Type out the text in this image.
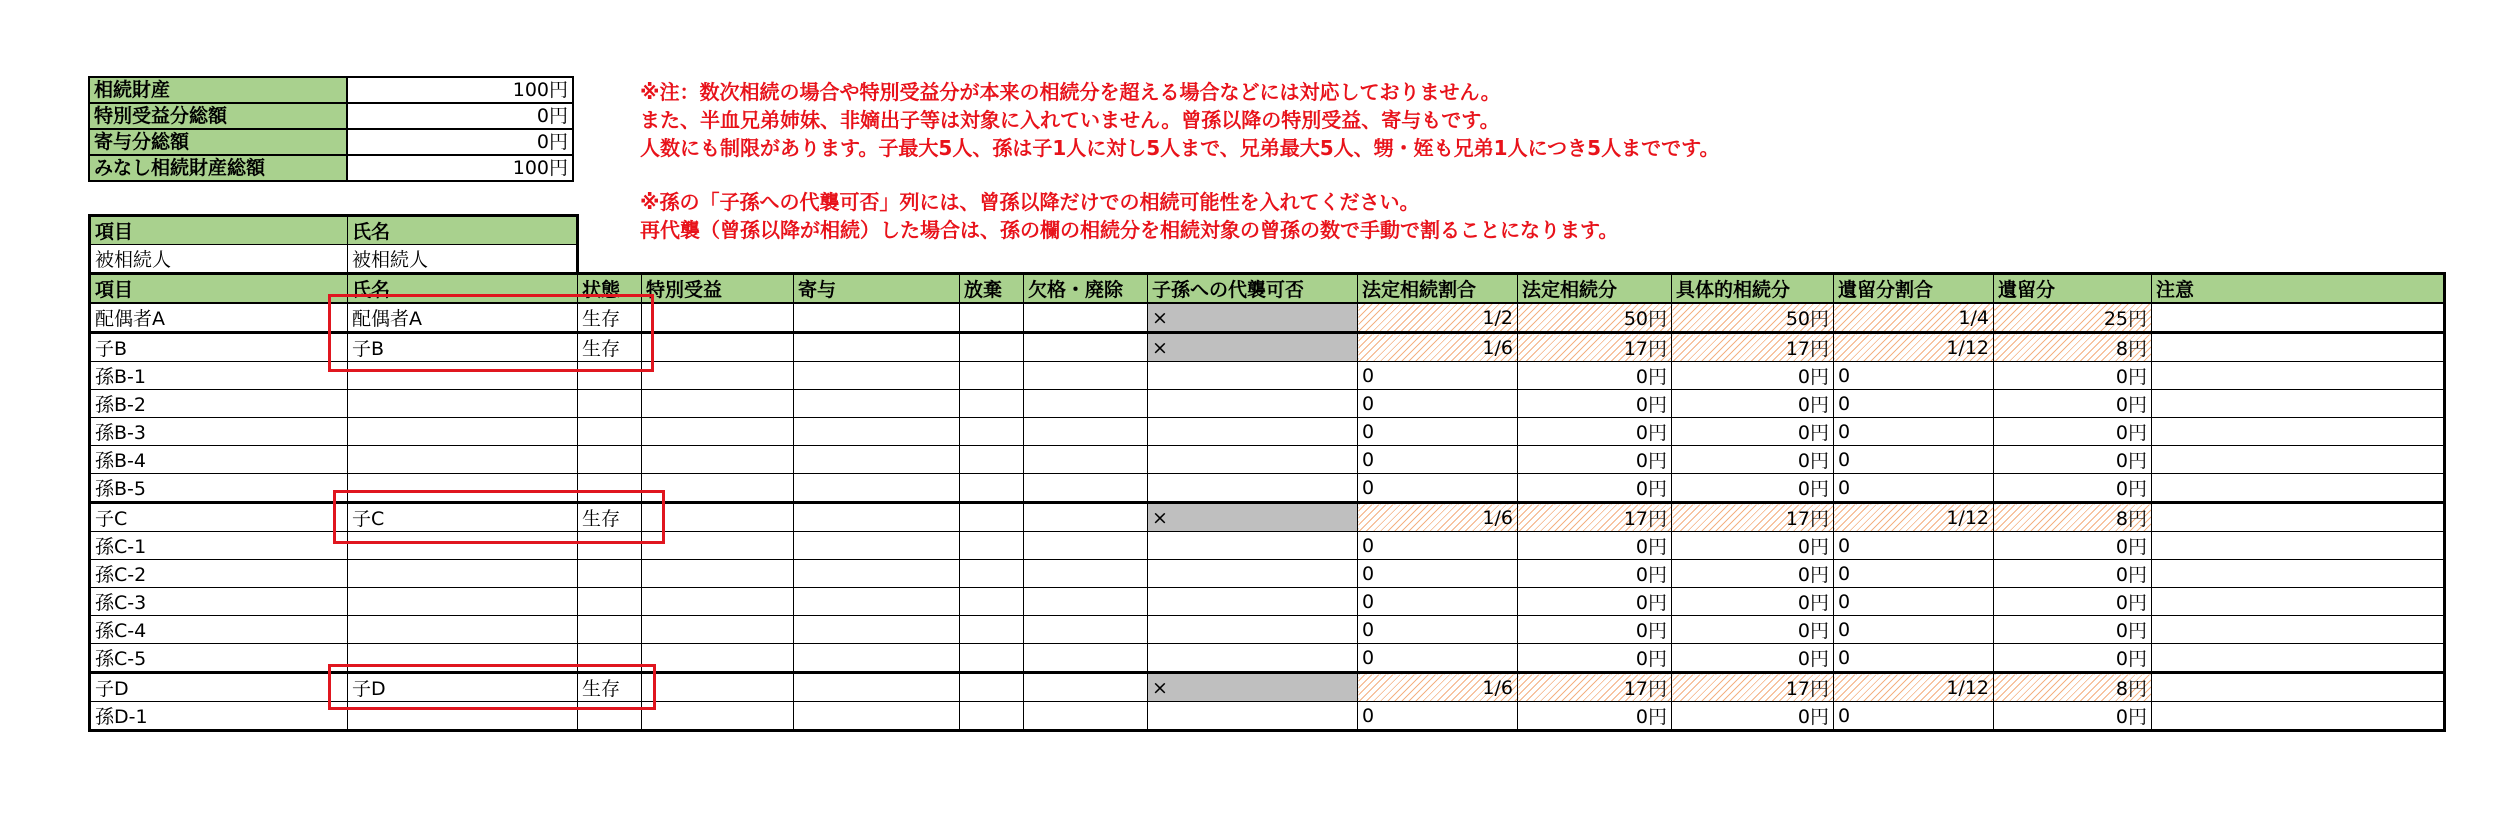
相続財産	100円
特別受益分総額	0円
寄与分総額	0円
みなし相続財産総額	100円
※注：数次相続の場合や特別受益分が本来の相続分を超える場合などには対応しておりません。
また、半血兄弟姉妹、非嫡出子等は対象に入れていません。曾孫以降の特別受益、寄与もです。
人数にも制限があります。子最大5人、孫は子1人に対し5人まで、兄弟最大5人、甥・姪も兄弟1人につき5人までです。
※孫の「子孫への代襲可否」列には、曾孫以降だけでの相続可能性を入れてください。
再代襲（曾孫以降が相続）した場合は、孫の欄の相続分を相続対象の曾孫の数で手動で割ることになります。
項目	氏名
被相続人	被相続人
項目	氏名	状態	特別受益	寄与	放棄	欠格・廃除	子孫への代襲可否	法定相続割合	法定相続分	具体的相続分	遺留分割合	遺留分	注意
配偶者A	配偶者A	生存					×	1/2	50円	50円	1/4	25円	
子B	子B	生存					×	1/6	17円	17円	1/12	8円	
孫B-1								0	0円	0円	0	0円	
孫B-2								0	0円	0円	0	0円	
孫B-3								0	0円	0円	0	0円	
孫B-4								0	0円	0円	0	0円	
孫B-5								0	0円	0円	0	0円	
子C	子C	生存					×	1/6	17円	17円	1/12	8円	
孫C-1								0	0円	0円	0	0円	
孫C-2								0	0円	0円	0	0円	
孫C-3								0	0円	0円	0	0円	
孫C-4								0	0円	0円	0	0円	
孫C-5								0	0円	0円	0	0円	
子D	子D	生存					×	1/6	17円	17円	1/12	8円	
孫D-1								0	0円	0円	0	0円	
